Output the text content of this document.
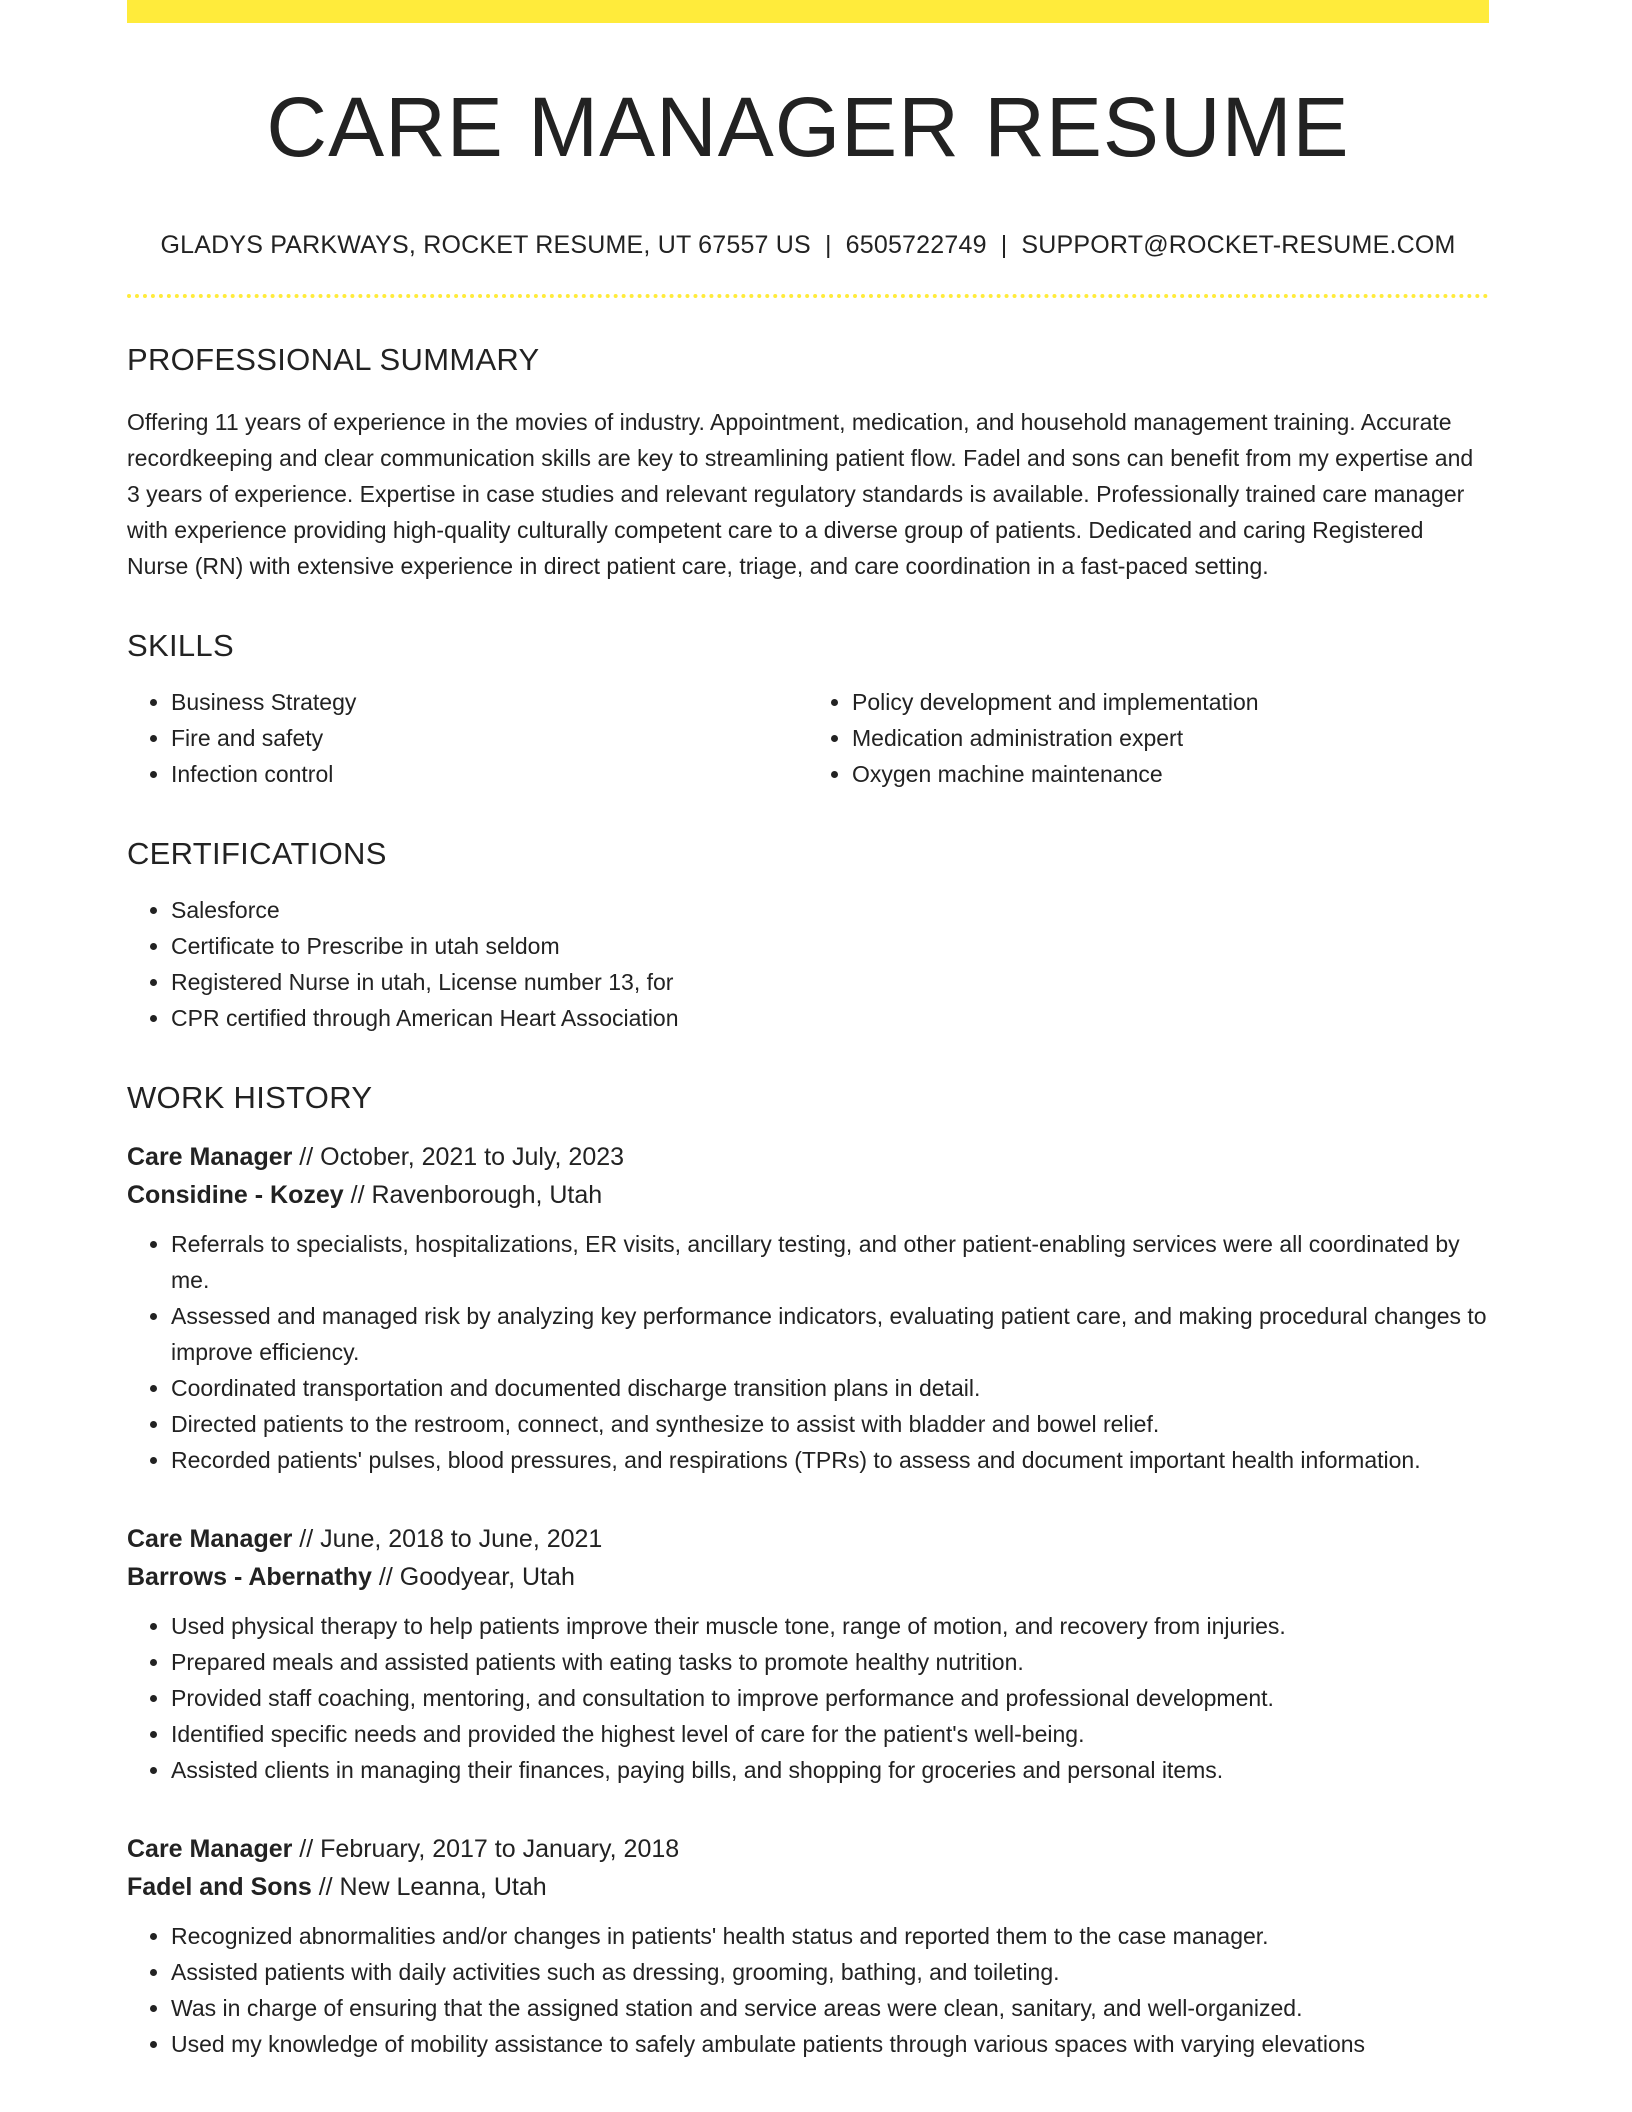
CARE MANAGER RESUME
GLADYS PARKWAYS, ROCKET RESUME, UT 67557 US | 6505722749 | SUPPORT@ROCKET-RESUME.COM
PROFESSIONAL SUMMARY

Offering 11 years of experience in the movies of industry. Appointment, medication, and household management training. Accurate recordkeeping and clear communication skills are key to streamlining patient flow. Fadel and sons can benefit from my expertise and 3 years of experience. Expertise in case studies and relevant regulatory standards is available. Professionally trained care manager with experience providing high-quality culturally competent care to a diverse group of patients. Dedicated and caring Registered Nurse (RN) with extensive experience in direct patient care, triage, and care coordination in a fast-paced setting.

SKILLS
• Business Strategy
• Fire and safety
• Infection control
• Policy development and implementation
• Medication administration expert
• Oxygen machine maintenance
CERTIFICATIONS
• Salesforce
• Certificate to Prescribe in utah seldom
• Registered Nurse in utah, License number 13, for
• CPR certified through American Heart Association
WORK HISTORY
Care Manager // October, 2021 to July, 2023
Considine - Kozey // Ravenborough, Utah
• Referrals to specialists, hospitalizations, ER visits, ancillary testing, and other patient-enabling services were all coordinated by me.
• Assessed and managed risk by analyzing key performance indicators, evaluating patient care, and making procedural changes to improve efficiency.
• Coordinated transportation and documented discharge transition plans in detail.
• Directed patients to the restroom, connect, and synthesize to assist with bladder and bowel relief.
• Recorded patients' pulses, blood pressures, and respirations (TPRs) to assess and document important health information.
Care Manager // June, 2018 to June, 2021
Barrows - Abernathy // Goodyear, Utah
• Used physical therapy to help patients improve their muscle tone, range of motion, and recovery from injuries.
• Prepared meals and assisted patients with eating tasks to promote healthy nutrition.
• Provided staff coaching, mentoring, and consultation to improve performance and professional development.
• Identified specific needs and provided the highest level of care for the patient's well-being.
• Assisted clients in managing their finances, paying bills, and shopping for groceries and personal items.
Care Manager // February, 2017 to January, 2018
Fadel and Sons // New Leanna, Utah
• Recognized abnormalities and/or changes in patients' health status and reported them to the case manager.
• Assisted patients with daily activities such as dressing, grooming, bathing, and toileting.
• Was in charge of ensuring that the assigned station and service areas were clean, sanitary, and well-organized.
• Used my knowledge of mobility assistance to safely ambulate patients through various spaces with varying elevations
